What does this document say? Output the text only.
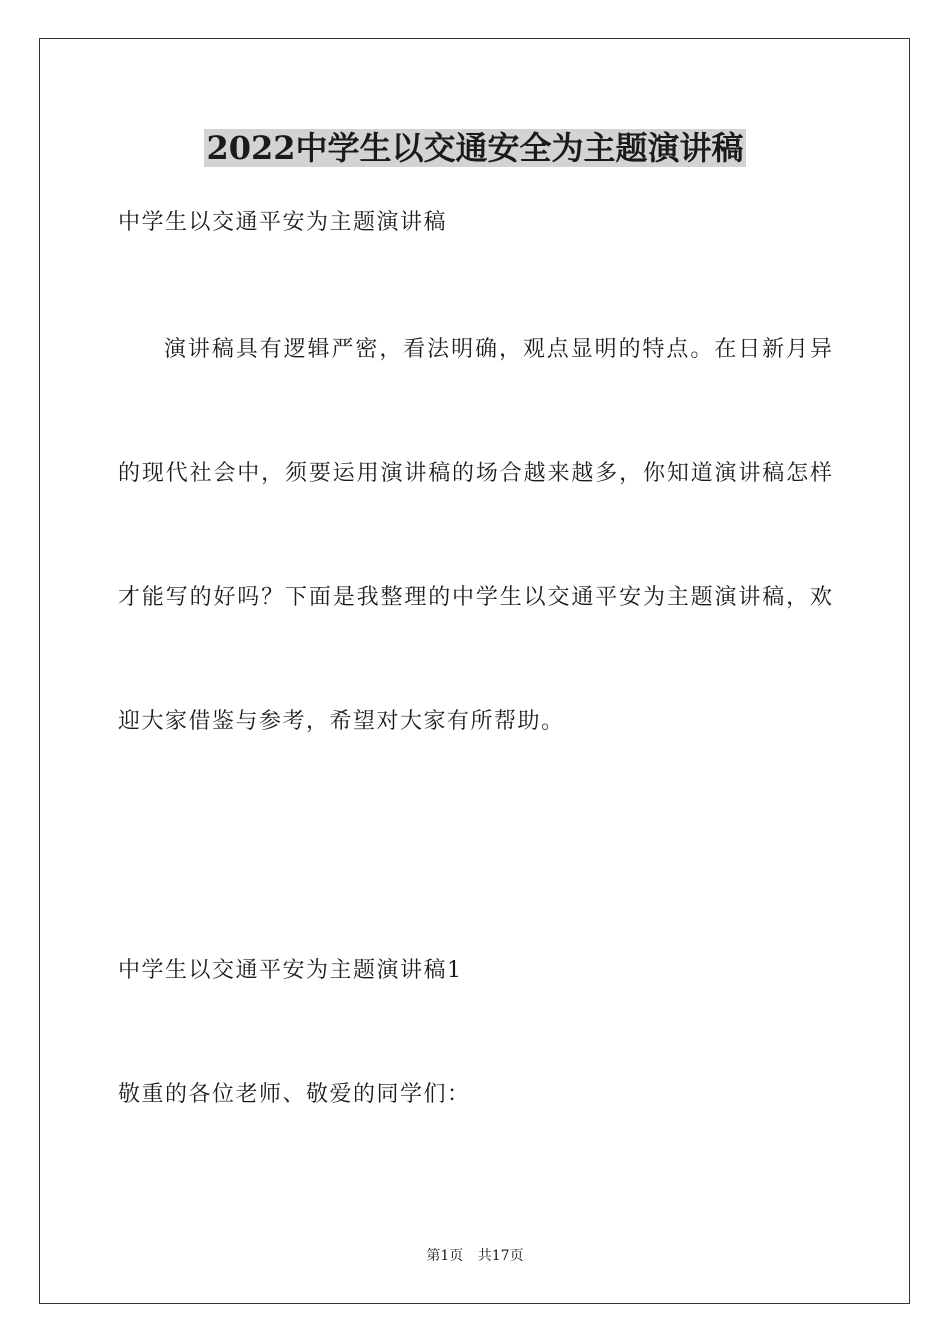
2022中学生以交通安全为主题演讲稿

中学生以交通平安为主题演讲稿

演讲稿具有逻辑严密，看法明确，观点显明的特点。在日新月异

的现代社会中，须要运用演讲稿的场合越来越多，你知道演讲稿怎样

才能写的好吗？下面是我整理的中学生以交通平安为主题演讲稿，欢

迎大家借鉴与参考，希望对大家有所帮助。

中学生以交通平安为主题演讲稿1

敬重的各位老师、敬爱的同学们：

第1页 共17页
